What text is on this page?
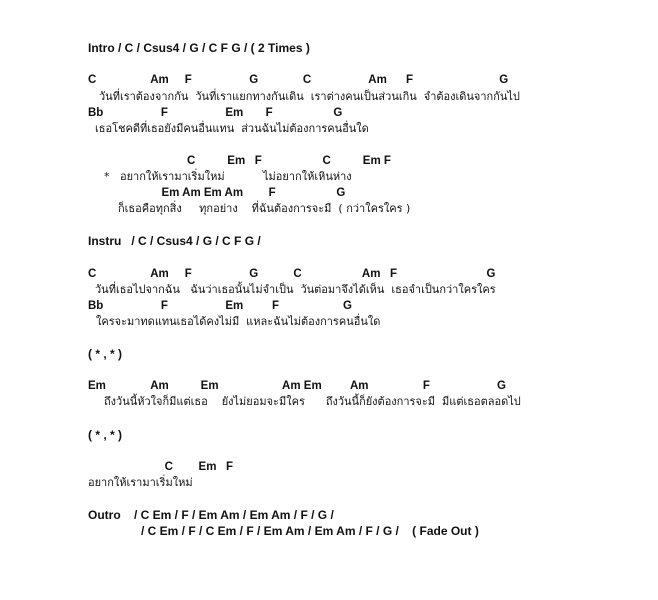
Intro / C / Csus4 / G / C F G / ( 2 Times )
C                 Am     F                  G              C                  Am      F                           G
วันที่เราต้องจากกัน  วันที่เราแยกทางกันเดิน  เราต่างคนเป็นส่วนเกิน  จำต้องเดินจากกันไป
Bb                  F                  Em       F                   G
เธอโชคดีที่เธอยังมีคนอื่นแทน  ส่วนฉันไม่ต้องการคนอื่นใด
C          Em   F                   C          Em F
*   อยากให้เรามาเริ่มใหม่           ไม่อยากให้เหินห่าง
Em Am Em Am        F                   G
ก็เธอคือทุกสิ่ง     ทุกอย่าง    ที่ฉันต้องการจะมี  ( กว่าใครใคร )
Instru   / C / Csus4 / G / C F G /
C                 Am     F                  G           C                   Am   F                            G
วันที่เธอไปจากฉัน   ฉันว่าเธอนั้นไม่จำเป็น  วันต่อมาจึงได้เห็น  เธอจำเป็นกว่าใครใคร
Bb                  F                  Em         F                    G
ใครจะมาทดแทนเธอได้คงไม่มี  แหละฉันไม่ต้องการคนอื่นใด
( * , * )
Em              Am          Em                    Am Em         Am                 F                     G
ถึงวันนี้หัวใจก็มีแต่เธอ    ยังไม่ยอมจะมีใคร      ถึงวันนี้ก็ยังต้องการจะมี  มีแต่เธอตลอดไป
( * , * )
C        Em   F
อยากให้เรามาเริ่มใหม่
Outro    / C Em / F / Em Am / Em Am / F / G /
/ C Em / F / C Em / F / Em Am / Em Am / F / G /    ( Fade Out )
